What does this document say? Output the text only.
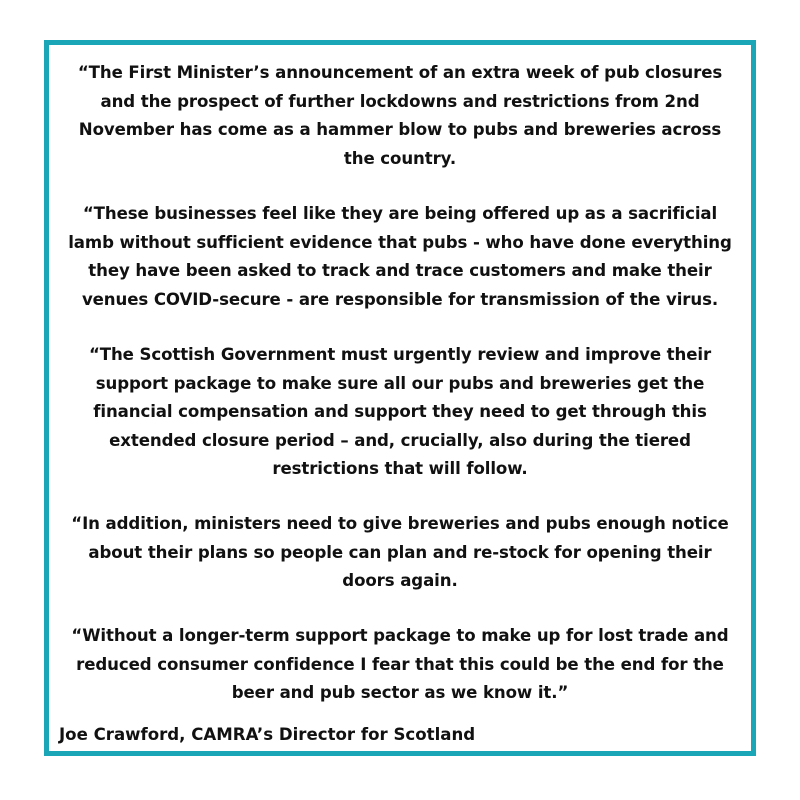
“The First Minister’s announcement of an extra week of pub closures and the prospect of further lockdowns and restrictions from 2nd November has come as a hammer blow to pubs and breweries across the country.

“These businesses feel like they are being offered up as a sacrificial lamb without sufficient evidence that pubs - who have done everything they have been asked to track and trace customers and make their venues COVID-secure - are responsible for transmission of the virus.

“The Scottish Government must urgently review and improve their support package to make sure all our pubs and breweries get the financial compensation and support they need to get through this extended closure period – and, crucially, also during the tiered restrictions that will follow.

“In addition, ministers need to give breweries and pubs enough notice about their plans so people can plan and re-stock for opening their doors again.

“Without a longer-term support package to make up for lost trade and reduced consumer confidence I fear that this could be the end for the beer and pub sector as we know it.”

Joe Crawford, CAMRA’s Director for Scotland
